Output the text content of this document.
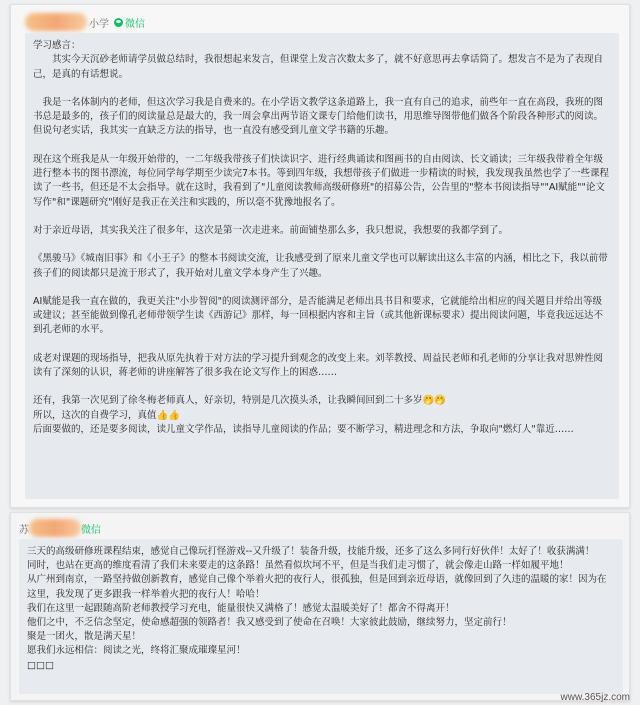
小学 微信

学习感言：

　　其实今天沉砂老师请学员做总结时，我很想起来发言，但课堂上发言次数太多了，就不好意思再去拿话筒了。想发言不是为了表现自己，是真的有话想说。

　我是一名体制内的老师，但这次学习我是自费来的。在小学语文教学这条道路上，我一直有自己的追求，前些年一直在高段，我班的图书总是最多的，孩子们的阅读量总是最大的，我一周会拿出两节语文课专门给他们读书，用思维导图带他们做各个阶段各种形式的阅读。但说句老实话，我其实一直缺乏方法的指导，也一直没有感受到儿童文学书籍的乐趣。

现在这个班我是从一年级开始带的，一二年级我带孩子们快读识字、进行经典诵读和图画书的自由阅读、长文诵读；三年级我带着全年级进行整本书的图书漂流，每位同学每学期至少读完7本书。等到四年级，我想带孩子们做进一步精读的时候，我发现我虽然也学了一些课程读了一些书，但还是不太会指导。就在这时，我看到了"儿童阅读教师高级研修班"的招募公告，公告里的"整本书阅读指导""AI赋能""论文写作"和"课题研究"刚好是我正在关注和实践的，所以毫不犹豫地报名了。

对于亲近母语，其实我关注了很多年，这次是第一次走进来。前面铺垫那么多，我只想说，我想要的我都学到了。

《黑骏马》《城南旧事》和《小王子》的整本书阅读交流，让我感受到了原来儿童文学也可以解读出这么丰富的内涵，相比之下，我以前带孩子们的阅读都只是流于形式了，我开始对儿童文学本身产生了兴趣。

AI赋能是我一直在做的，我更关注"小步智阅"的阅读测评部分，是否能满足老师出具书目和要求，它就能给出相应的闯关题目并给出等级或建议；甚至能做到像孔老师带领学生读《西游记》那样，每一回根据内容和主旨（或其他新课标要求）提出阅读问题，毕竟我远远达不到孔老师的水平。

成老对课题的现场指导，把我从原先执着于对方法的学习提升到观念的改变上来。刘莘教授、周益民老师和孔老师的分享让我对思辨性阅读有了深刻的认识，蒋老师的讲座解答了很多我在论文写作上的困惑……

还有，我第一次见到了徐冬梅老师真人，好亲切，特别是几次摸头杀，让我瞬间回到二十多岁🤭🤭

所以，这次的自费学习，真值👍👍

后面要做的，还是要多阅读，读儿童文学作品，读指导儿童阅读的作品；要不断学习，精进理念和方法，争取向"燃灯人"靠近……

苏	微信

三天的高级研修班课程结束，感觉自己像玩打怪游戏--又升级了！装备升级，技能升级，还多了这么多同行好伙伴！太好了！收获满满！

同时，也站在更高的维度看清了我们未来要走的这条路！虽然看似坎坷不平，但是当我们走习惯了，就会像走山路一样如履平地！

从广州到南京，一路坚持做创新教育，感觉自己像个举着火把的夜行人，很孤独，但是回到亲近母语，就像回到了久违的温暖的家！因为在这里，我发现了更多跟我一样举着火把的夜行人！哈哈！

我们在这里一起跟随高阶老师教授学习充电，能量很快又满格了！感觉太温暖美好了！都舍不得离开！

他们之中，不乏信念坚定，使命感超强的领路者！我又感受到了使命在召唤！大家彼此鼓励，继续努力，坚定前行！

聚是一团火，散是满天星！

愿我们永远相信：阅读之光，终将汇聚成璀璨星河！

□□□

www.365jz.com
